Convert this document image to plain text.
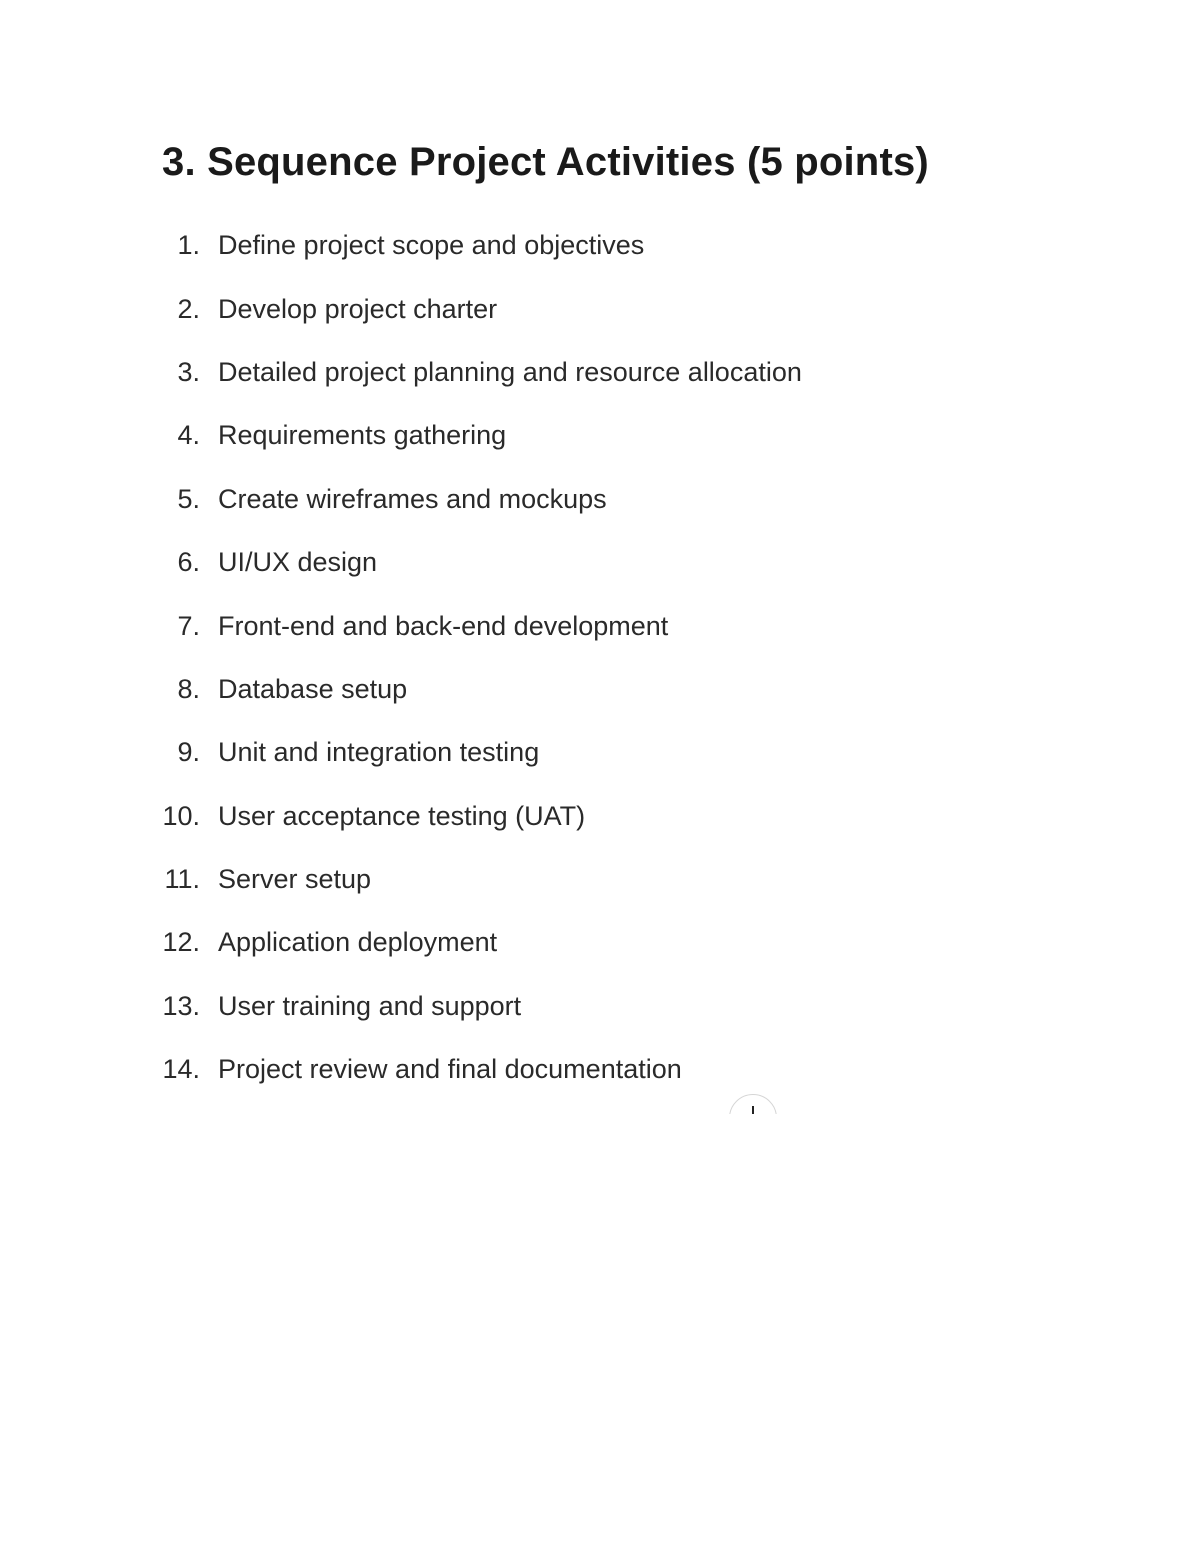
3. Sequence Project Activities (5 points)
1. Define project scope and objectives
2. Develop project charter
3. Detailed project planning and resource allocation
4. Requirements gathering
5. Create wireframes and mockups
6. UI/UX design
7. Front-end and back-end development
8. Database setup
9. Unit and integration testing
10. User acceptance testing (UAT)
11. Server setup
12. Application deployment
13. User training and support
14. Project review and final documentation
